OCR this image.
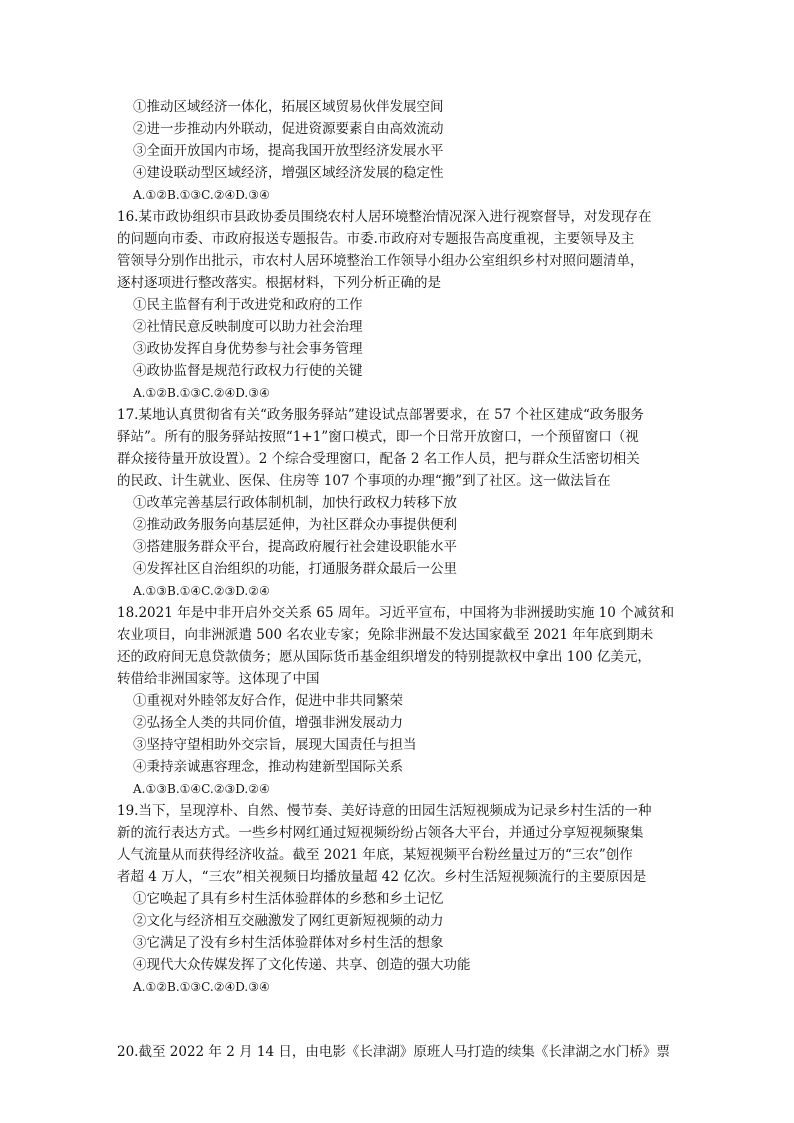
①推动区域经济一体化，拓展区域贸易伙伴发展空间
②进一步推动内外联动，促进资源要素自由高效流动
③全面开放国内市场，提高我国开放型经济发展水平
④建设联动型区域经济，增强区域经济发展的稳定性
A.①②B.①③C.②④D.③④
16.某市政协组织市县政协委员围绕农村人居环境整治情况深入进行视察督导，对发现存在
的问题向市委、市政府报送专题报告。市委.市政府对专题报告高度重视，主要领导及主
管领导分别作出批示，市农村人居环境整治工作领导小组办公室组织乡村对照问题清单，
逐村逐项进行整改落实。根据材料，下列分析正确的是
①民主监督有利于改进党和政府的工作
②社情民意反映制度可以助力社会治理
③政协发挥自身优势参与社会事务管理
④政协监督是规范行政权力行使的关键
A.①②B.①③C.②④D.③④
17.某地认真贯彻省有关“政务服务驿站”建设试点部署要求，在 57 个社区建成“政务服务
驿站”。所有的服务驿站按照“1+1”窗口模式，即一个日常开放窗口，一个预留窗口（视
群众接待量开放设置）。2 个综合受理窗口，配备 2 名工作人员，把与群众生活密切相关
的民政、计生就业、医保、住房等 107 个事项的办理“搬”到了社区。这一做法旨在
①改革完善基层行政体制机制，加快行政权力转移下放
②推动政务服务向基层延伸，为社区群众办事提供便利
③搭建服务群众平台，提高政府履行社会建设职能水平
④发挥社区自治组织的功能，打通服务群众最后一公里
A.①③B.①④C.②③D.②④
18.2021 年是中非开启外交关系 65 周年。习近平宣布，中国将为非洲援助实施 10 个减贫和
农业项目，向非洲派遣 500 名农业专家；免除非洲最不发达国家截至 2021 年年底到期未
还的政府间无息贷款债务；愿从国际货币基金组织增发的特别提款权中拿出 100 亿美元，
转借给非洲国家等。这体现了中国
①重视对外睦邻友好合作，促进中非共同繁荣
②弘扬全人类的共同价值，增强非洲发展动力
③坚持守望相助外交宗旨，展现大国责任与担当
④秉持亲诚惠容理念，推动构建新型国际关系
A.①③B.①④C.②③D.②④
19.当下，呈现淳朴、自然、慢节奏、美好诗意的田园生活短视频成为记录乡村生活的一种
新的流行表达方式。一些乡村网红通过短视频纷纷占领各大平台，并通过分享短视频聚集
人气流量从而获得经济收益。截至 2021 年底，某短视频平台粉丝量过万的“三农”创作
者超 4 万人，“三农”相关视频日均播放量超 42 亿次。乡村生活短视频流行的主要原因是
①它唤起了具有乡村生活体验群体的乡愁和乡土记忆
②文化与经济相互交融激发了网红更新短视频的动力
③它满足了没有乡村生活体验群体对乡村生活的想象
④现代大众传媒发挥了文化传递、共享、创造的强大功能
A.①②B.①③C.②④D.③④
20.截至 2022 年 2 月 14 日，由电影《长津湖》原班人马打造的续集《长津湖之水门桥》票
